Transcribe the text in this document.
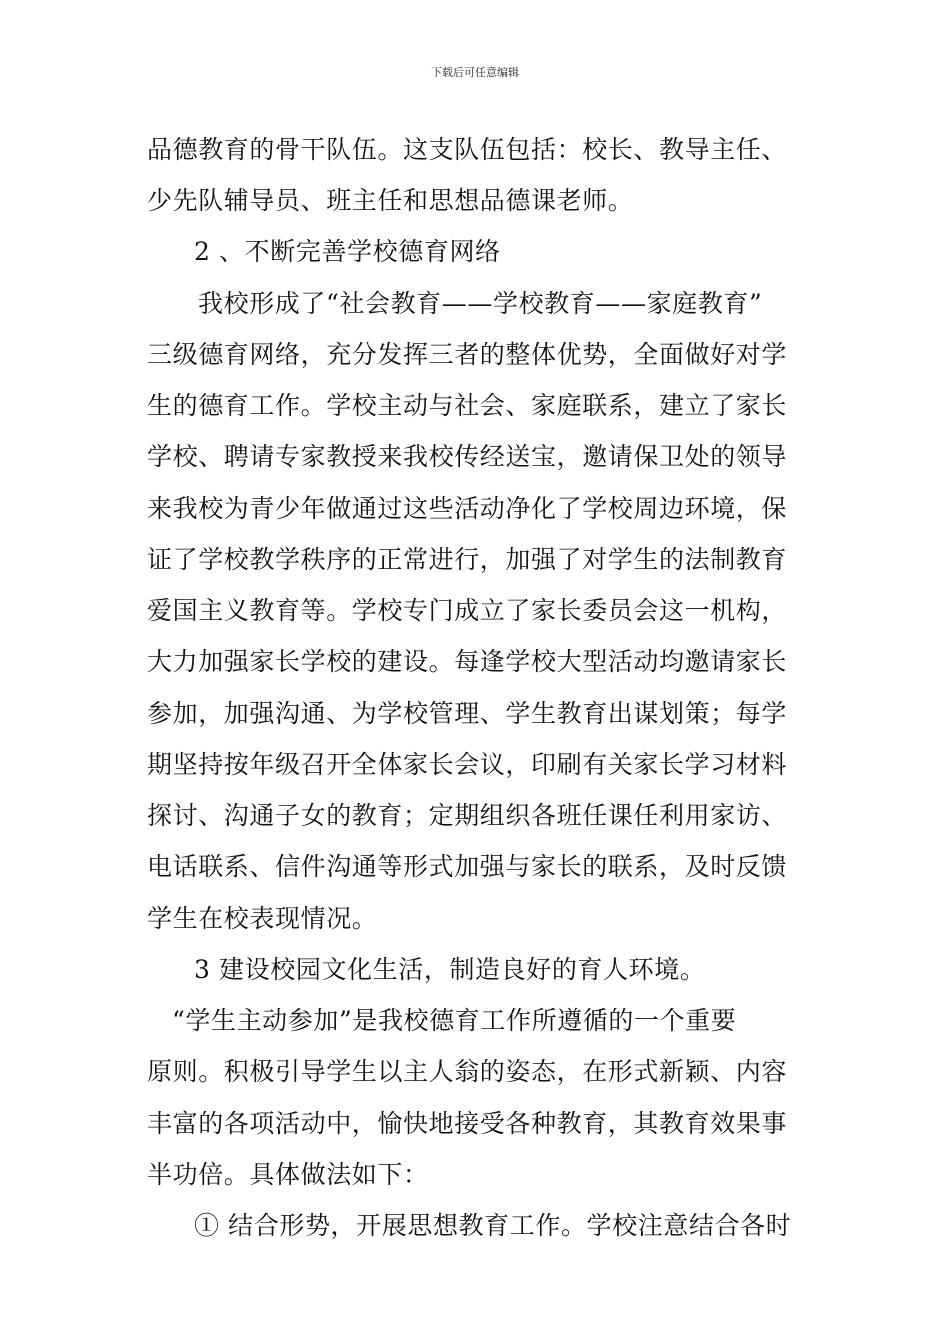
下载后可任意编辑
品德教育的骨干队伍。这支队伍包括：校长、教导主任、
少先队辅导员、班主任和思想品德课老师。
2 、不断完善学校德育网络
我校形成了“社会教育——学校教育——家庭教育”
三级德育网络，充分发挥三者的整体优势，全面做好对学
生的德育工作。学校主动与社会、家庭联系，建立了家长
学校、聘请专家教授来我校传经送宝，邀请保卫处的领导
来我校为青少年做通过这些活动净化了学校周边环境，保
证了学校教学秩序的正常进行，加强了对学生的法制教育
爱国主义教育等。学校专门成立了家长委员会这一机构，
大力加强家长学校的建设。每逢学校大型活动均邀请家长
参加，加强沟通、为学校管理、学生教育出谋划策；每学
期坚持按年级召开全体家长会议，印刷有关家长学习材料
探讨、沟通子女的教育；定期组织各班任课任利用家访、
电话联系、信件沟通等形式加强与家长的联系，及时反馈
学生在校表现情况。
3 建设校园文化生活，制造良好的育人环境。
“学生主动参加”是我校德育工作所遵循的一个重要
原则。积极引导学生以主人翁的姿态，在形式新颖、内容
丰富的各项活动中，愉快地接受各种教育，其教育效果事
半功倍。具体做法如下：
① 结合形势，开展思想教育工作。学校注意结合各时
